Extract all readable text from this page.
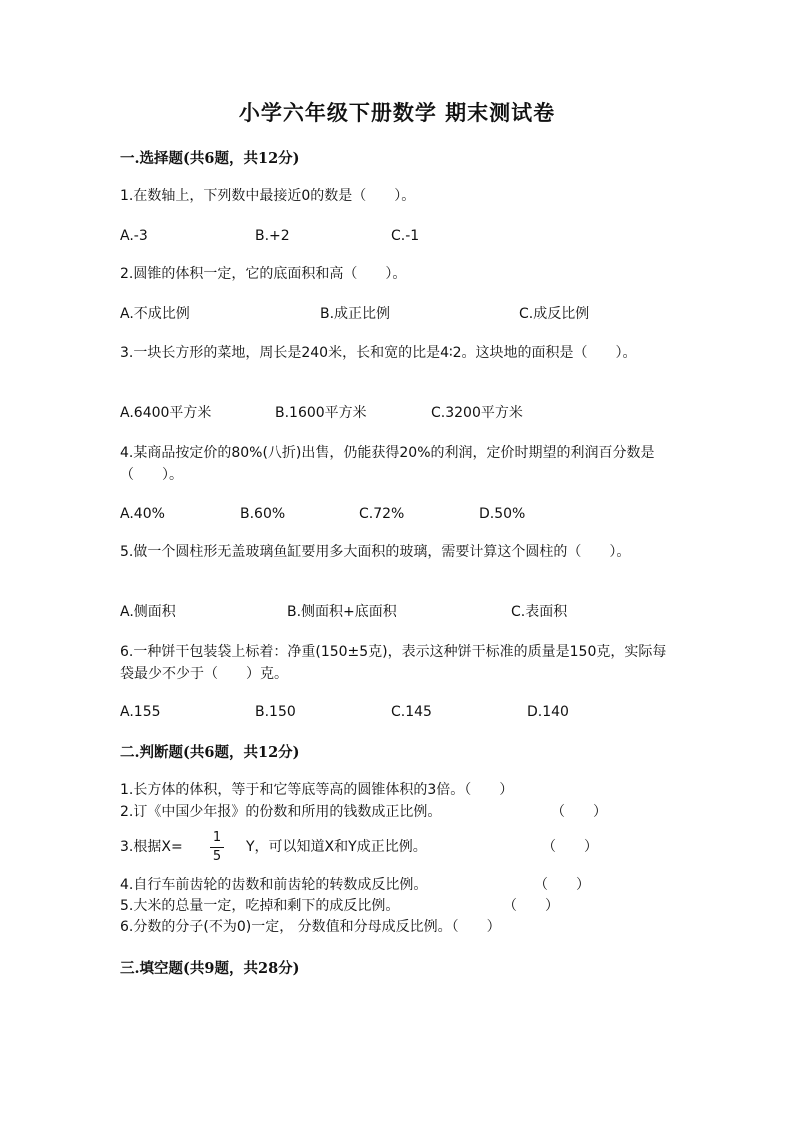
小学六年级下册数学 期末测试卷
一.选择题(共6题，共12分)
1.在数轴上，下列数中最接近0的数是（　　）。
A.-3	B.+2	C.-1
2.圆锥的体积一定，它的底面积和高（　　）。
A.不成比例	B.成正比例	C.成反比例
3.一块长方形的菜地，周长是240米，长和宽的比是4∶2。这块地的面积是（　　）。
A.6400平方米	B.1600平方米	C.3200平方米
4.某商品按定价的80%(八折)出售，仍能获得20%的利润，定价时期望的利润百分数是（　　）。
A.40%	B.60%	C.72%	D.50%
5.做一个圆柱形无盖玻璃鱼缸要用多大面积的玻璃，需要计算这个圆柱的（　　）。
A.侧面积	B.侧面积+底面积	C.表面积
6.一种饼干包装袋上标着：净重(150±5克)，表示这种饼干标准的质量是150克，实际每袋最少不少于（　　）克。
A.155	B.150	C.145	D.140
二.判断题(共6题，共12分)
1.长方体的体积，等于和它等底等高的圆锥体积的3倍。（　　）
2.订《中国少年报》的份数和所用的钱数成正比例。	（　　）
3.根据$X= \frac{1}{5}$ Y，可以知道X和Y成正比例。	（　　）
4.自行车前齿轮的齿数和前齿轮的转数成反比例。	（　　）
5.大米的总量一定，吃掉和剩下的成反比例。	（　　）
6.分数的分子(不为0)一定， 分数值和分母成反比例。（　　）
三.填空题(共9题，共28分)
